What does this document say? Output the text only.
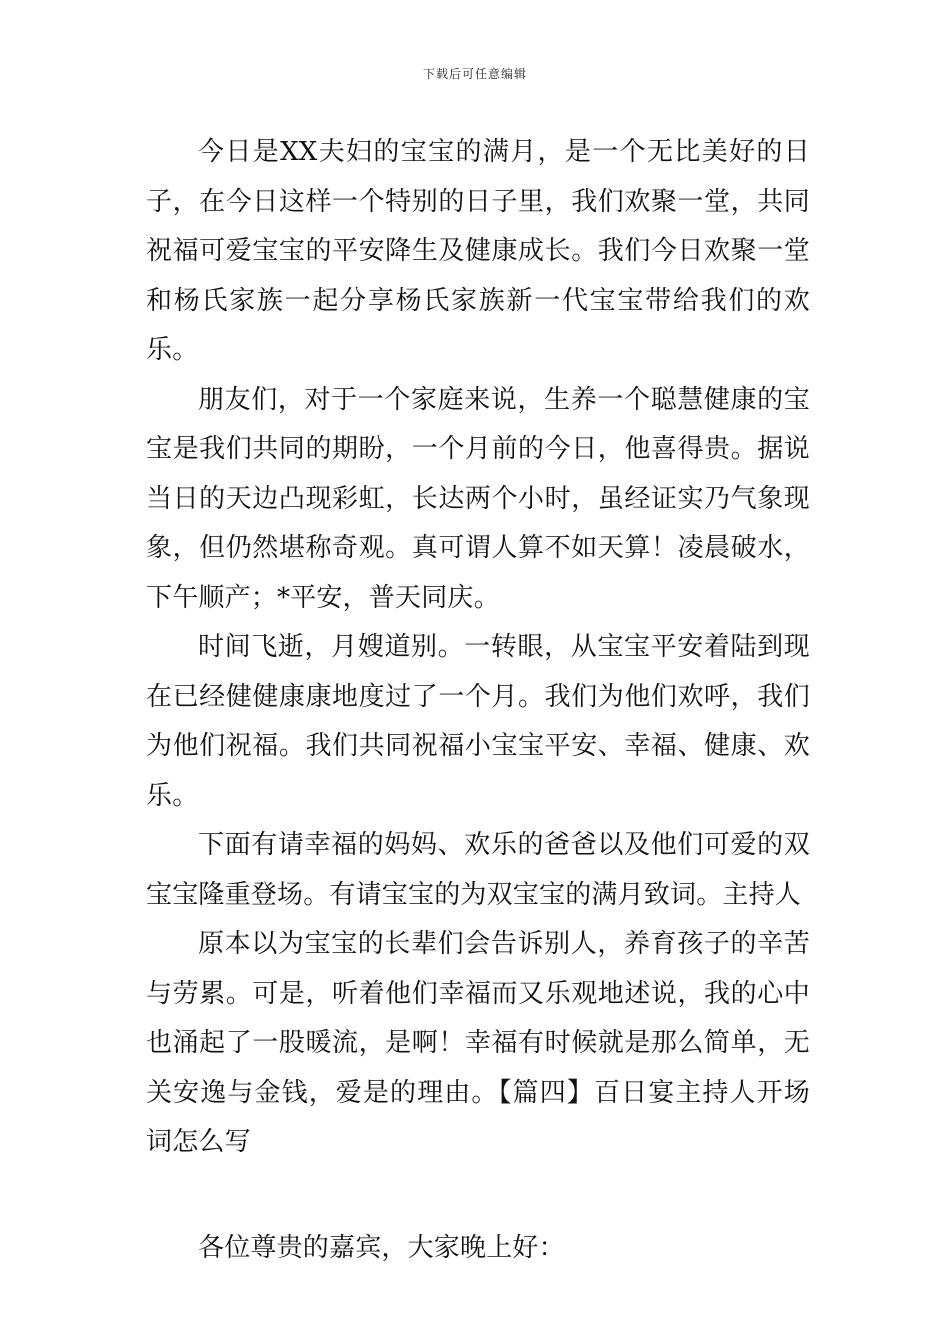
下载后可任意编辑

今日是XX夫妇的宝宝的满月，是一个无比美好的日子，在今日这样一个特别的日子里，我们欢聚一堂，共同祝福可爱宝宝的平安降生及健康成长。我们今日欢聚一堂和杨氏家族一起分享杨氏家族新一代宝宝带给我们的欢乐。

朋友们，对于一个家庭来说，生养一个聪慧健康的宝宝是我们共同的期盼，一个月前的今日，他喜得贵。据说当日的天边凸现彩虹，长达两个小时，虽经证实乃气象现象，但仍然堪称奇观。真可谓人算不如天算！凌晨破水，下午顺产；*平安，普天同庆。

时间飞逝，月嫂道别。一转眼，从宝宝平安着陆到现在已经健健康康地度过了一个月。我们为他们欢呼，我们为他们祝福。我们共同祝福小宝宝平安、幸福、健康、欢乐。

下面有请幸福的妈妈、欢乐的爸爸以及他们可爱的双宝宝隆重登场。有请宝宝的为双宝宝的满月致词。主持人

原本以为宝宝的长辈们会告诉别人，养育孩子的辛苦与劳累。可是，听着他们幸福而又乐观地述说，我的心中也涌起了一股暖流，是啊！幸福有时候就是那么简单，无关安逸与金钱，爱是的理由。【篇四】百日宴主持人开场词怎么写

各位尊贵的嘉宾，大家晚上好：
